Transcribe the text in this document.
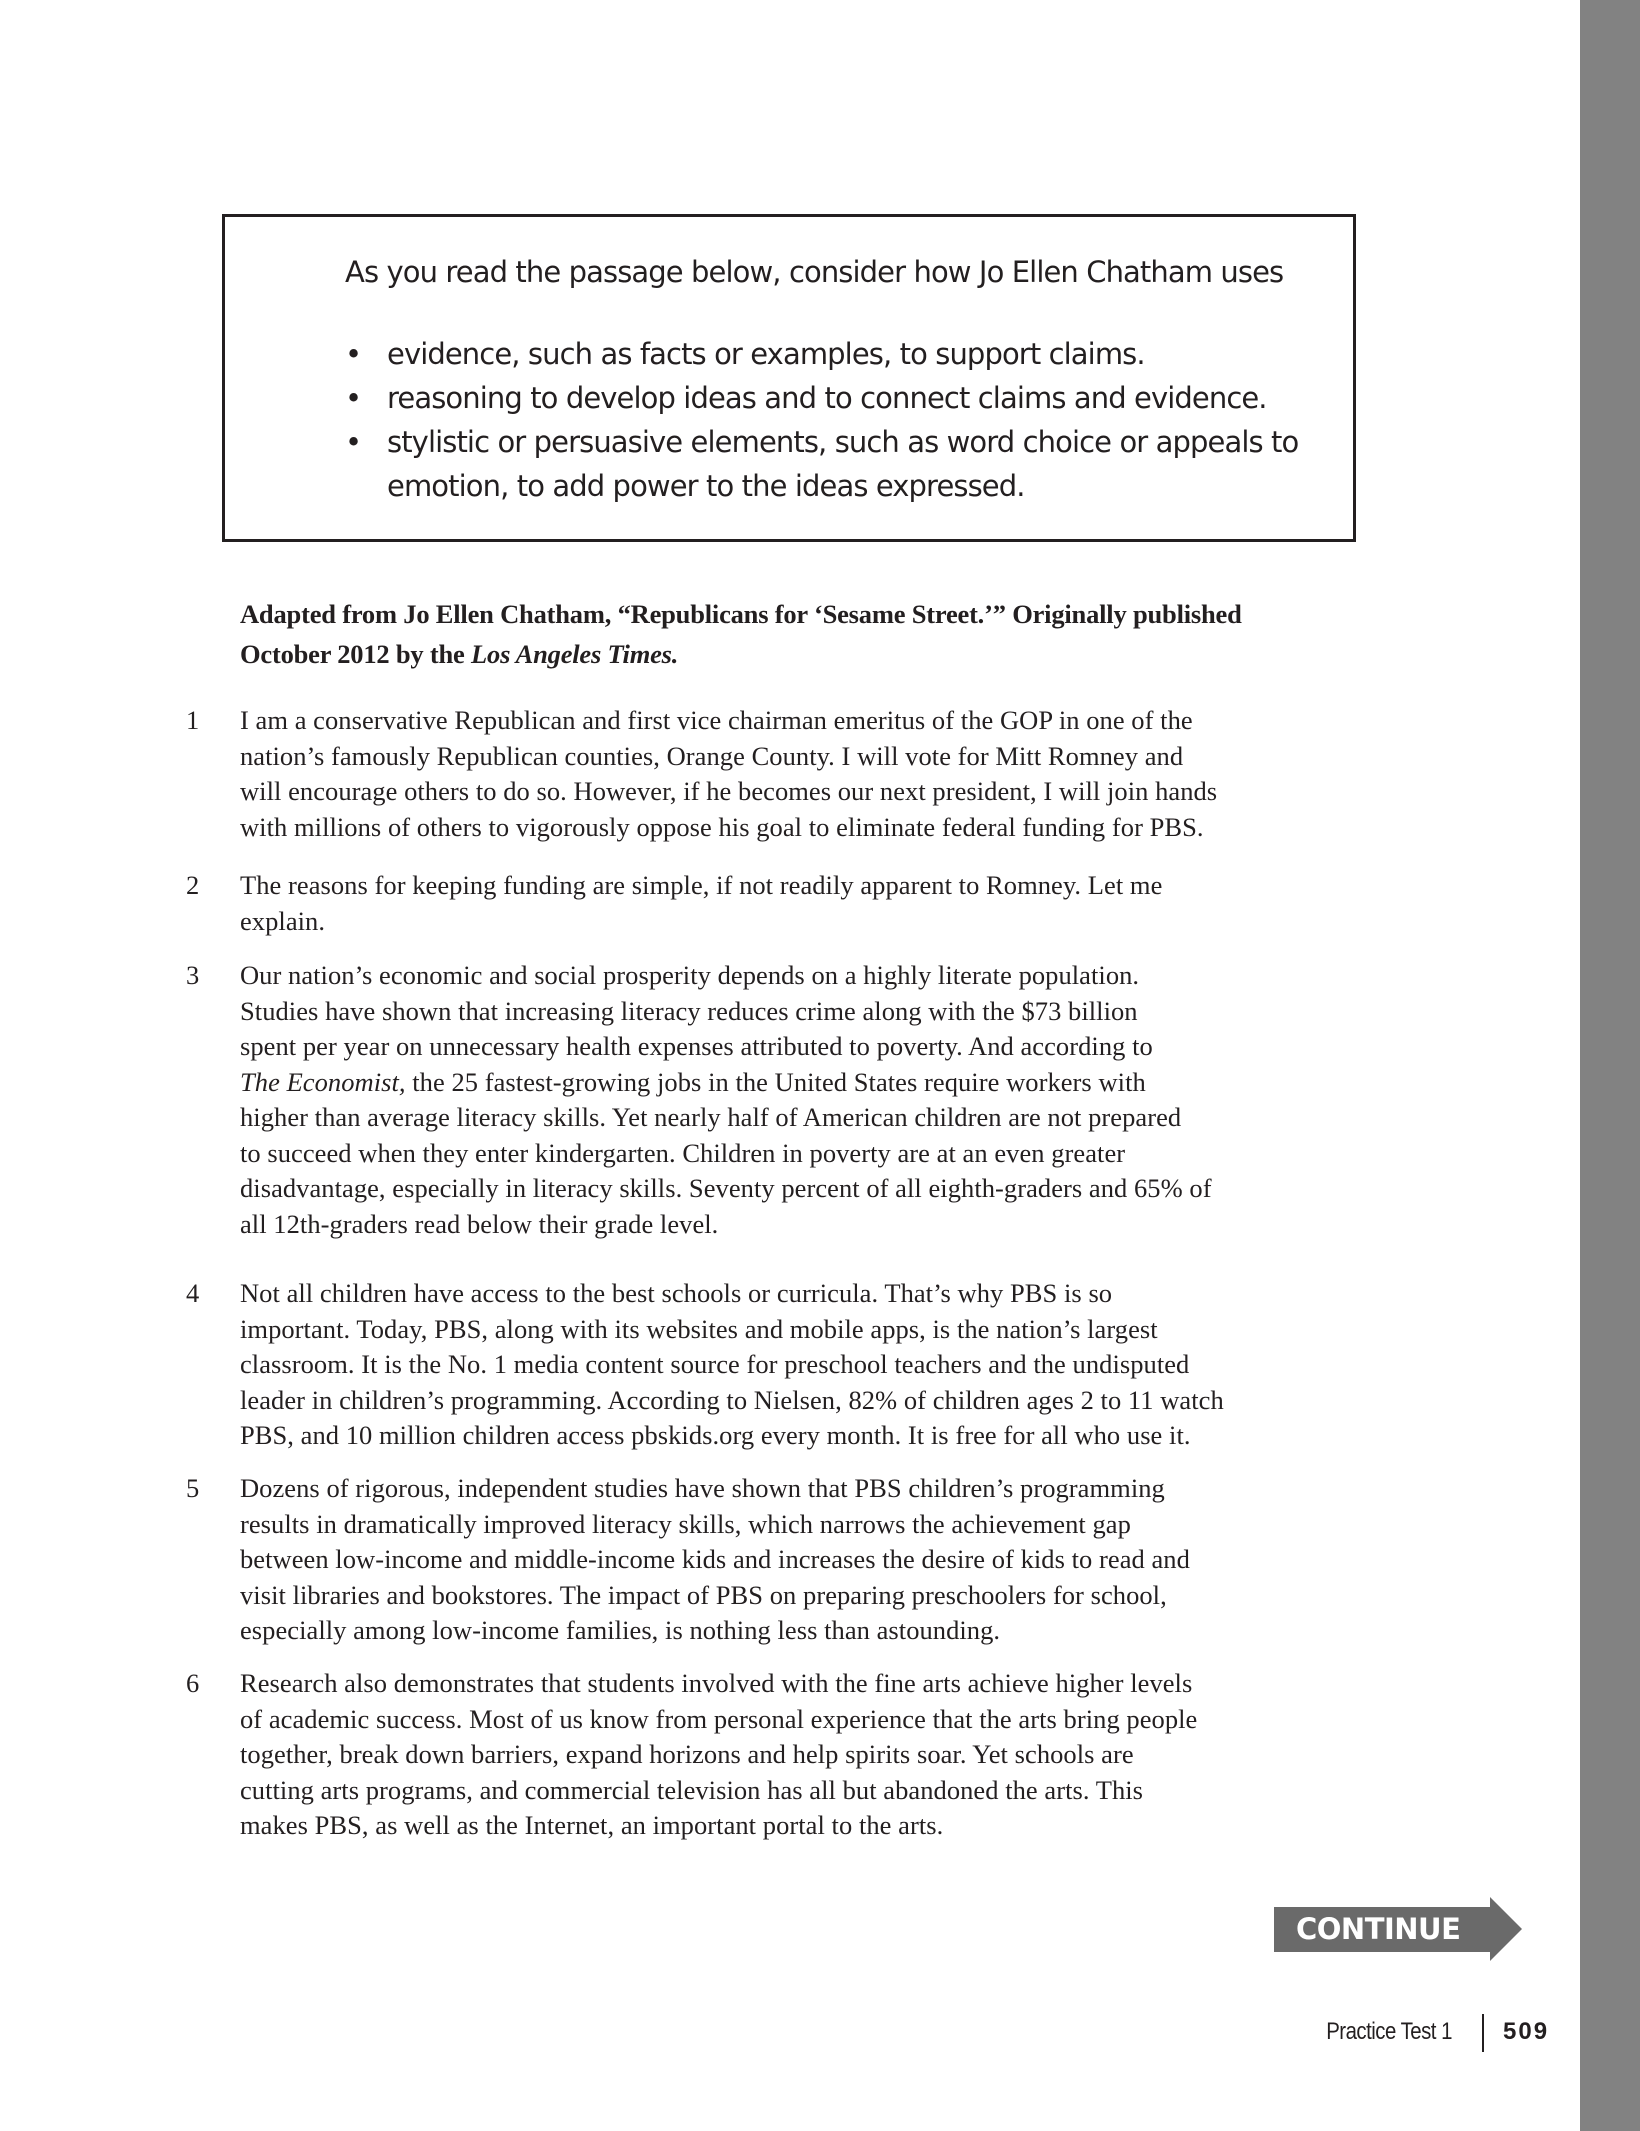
As you read the passage below, consider how Jo Ellen Chatham uses
• evidence, such as facts or examples, to support claims.
• reasoning to develop ideas and to connect claims and evidence.
• stylistic or persuasive elements, such as word choice or appeals to
emotion, to add power to the ideas expressed.
Adapted from Jo Ellen Chatham, “Republicans for ‘Sesame Street.’” Originally published
October 2012 by the Los Angeles Times.
1	I am a conservative Republican and first vice chairman emeritus of the GOP in one of the
nation’s famously Republican counties, Orange County. I will vote for Mitt Romney and
will encourage others to do so. However, if he becomes our next president, I will join hands
with millions of others to vigorously oppose his goal to eliminate federal funding for PBS.
2	The reasons for keeping funding are simple, if not readily apparent to Romney. Let me
explain.
3	Our nation’s economic and social prosperity depends on a highly literate population.
Studies have shown that increasing literacy reduces crime along with the $73 billion
spent per year on unnecessary health expenses attributed to poverty. And according to
The Economist, the 25 fastest-growing jobs in the United States require workers with
higher than average literacy skills. Yet nearly half of American children are not prepared
to succeed when they enter kindergarten. Children in poverty are at an even greater
disadvantage, especially in literacy skills. Seventy percent of all eighth-graders and 65% of
all 12th-graders read below their grade level.
4	Not all children have access to the best schools or curricula. That’s why PBS is so
important. Today, PBS, along with its websites and mobile apps, is the nation’s largest
classroom. It is the No. 1 media content source for preschool teachers and the undisputed
leader in children’s programming. According to Nielsen, 82% of children ages 2 to 11 watch
PBS, and 10 million children access pbskids.org every month. It is free for all who use it.
5	Dozens of rigorous, independent studies have shown that PBS children’s programming
results in dramatically improved literacy skills, which narrows the achievement gap
between low-income and middle-income kids and increases the desire of kids to read and
visit libraries and bookstores. The impact of PBS on preparing preschoolers for school,
especially among low-income families, is nothing less than astounding.
6	Research also demonstrates that students involved with the fine arts achieve higher levels
of academic success. Most of us know from personal experience that the arts bring people
together, break down barriers, expand horizons and help spirits soar. Yet schools are
cutting arts programs, and commercial television has all but abandoned the arts. This
makes PBS, as well as the Internet, an important portal to the arts.
CONTINUE
Practice Test 1 509
